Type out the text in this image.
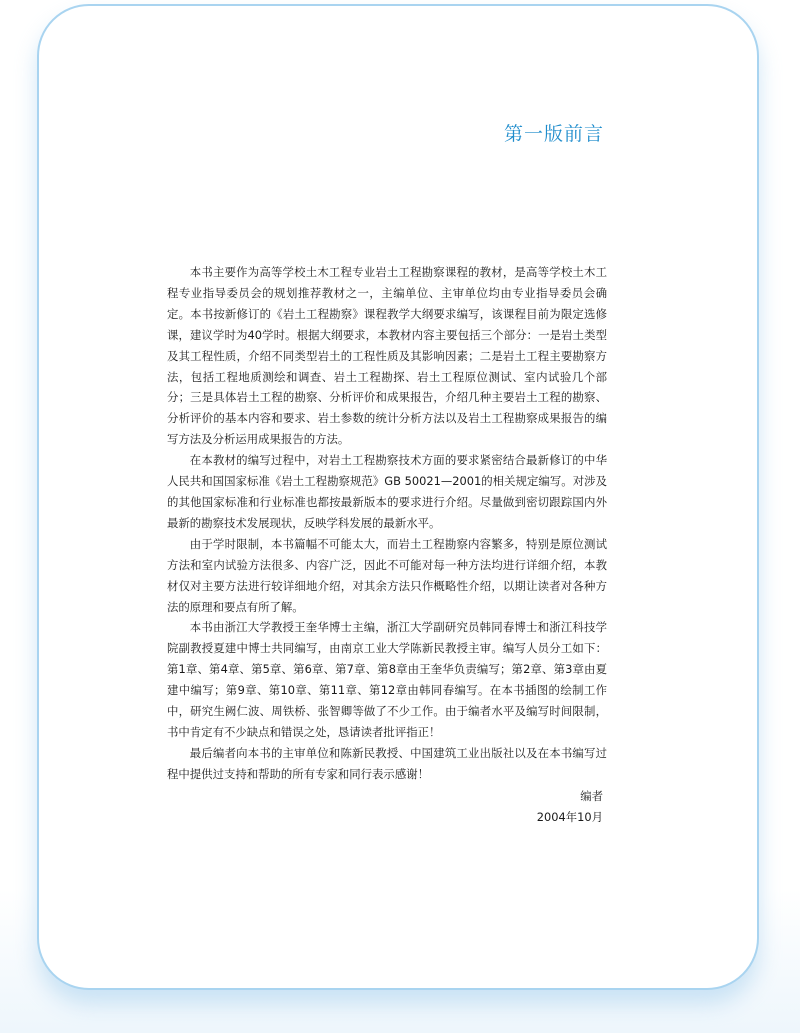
第一版前言

本书主要作为高等学校土木工程专业岩土工程勘察课程的教材，是高等学校土木工程专业指导委员会的规划推荐教材之一，主编单位、主审单位均由专业指导委员会确定。本书按新修订的《岩土工程勘察》课程教学大纲要求编写，该课程目前为限定选修课，建议学时为40学时。根据大纲要求，本教材内容主要包括三个部分：一是岩土类型及其工程性质，介绍不同类型岩土的工程性质及其影响因素；二是岩土工程主要勘察方法，包括工程地质测绘和调查、岩土工程勘探、岩土工程原位测试、室内试验几个部分；三是具体岩土工程的勘察、分析评价和成果报告，介绍几种主要岩土工程的勘察、分析评价的基本内容和要求、岩土参数的统计分析方法以及岩土工程勘察成果报告的编写方法及分析运用成果报告的方法。

在本教材的编写过程中，对岩土工程勘察技术方面的要求紧密结合最新修订的中华人民共和国国家标准《岩土工程勘察规范》GB 50021—2001的相关规定编写。对涉及的其他国家标准和行业标准也都按最新版本的要求进行介绍。尽量做到密切跟踪国内外最新的勘察技术发展现状，反映学科发展的最新水平。

由于学时限制，本书篇幅不可能太大，而岩土工程勘察内容繁多，特别是原位测试方法和室内试验方法很多、内容广泛，因此不可能对每一种方法均进行详细介绍，本教材仅对主要方法进行较详细地介绍，对其余方法只作概略性介绍，以期让读者对各种方法的原理和要点有所了解。

本书由浙江大学教授王奎华博士主编，浙江大学副研究员韩同春博士和浙江科技学院副教授夏建中博士共同编写，由南京工业大学陈新民教授主审。编写人员分工如下：第1章、第4章、第5章、第6章、第7章、第8章由王奎华负责编写；第2章、第3章由夏建中编写；第9章、第10章、第11章、第12章由韩同春编写。在本书插图的绘制工作中，研究生阙仁波、周铁桥、张智卿等做了不少工作。由于编者水平及编写时间限制，书中肯定有不少缺点和错误之处，恳请读者批评指正！

最后编者向本书的主审单位和陈新民教授、中国建筑工业出版社以及在本书编写过程中提供过支持和帮助的所有专家和同行表示感谢！

编者
2004年10月
